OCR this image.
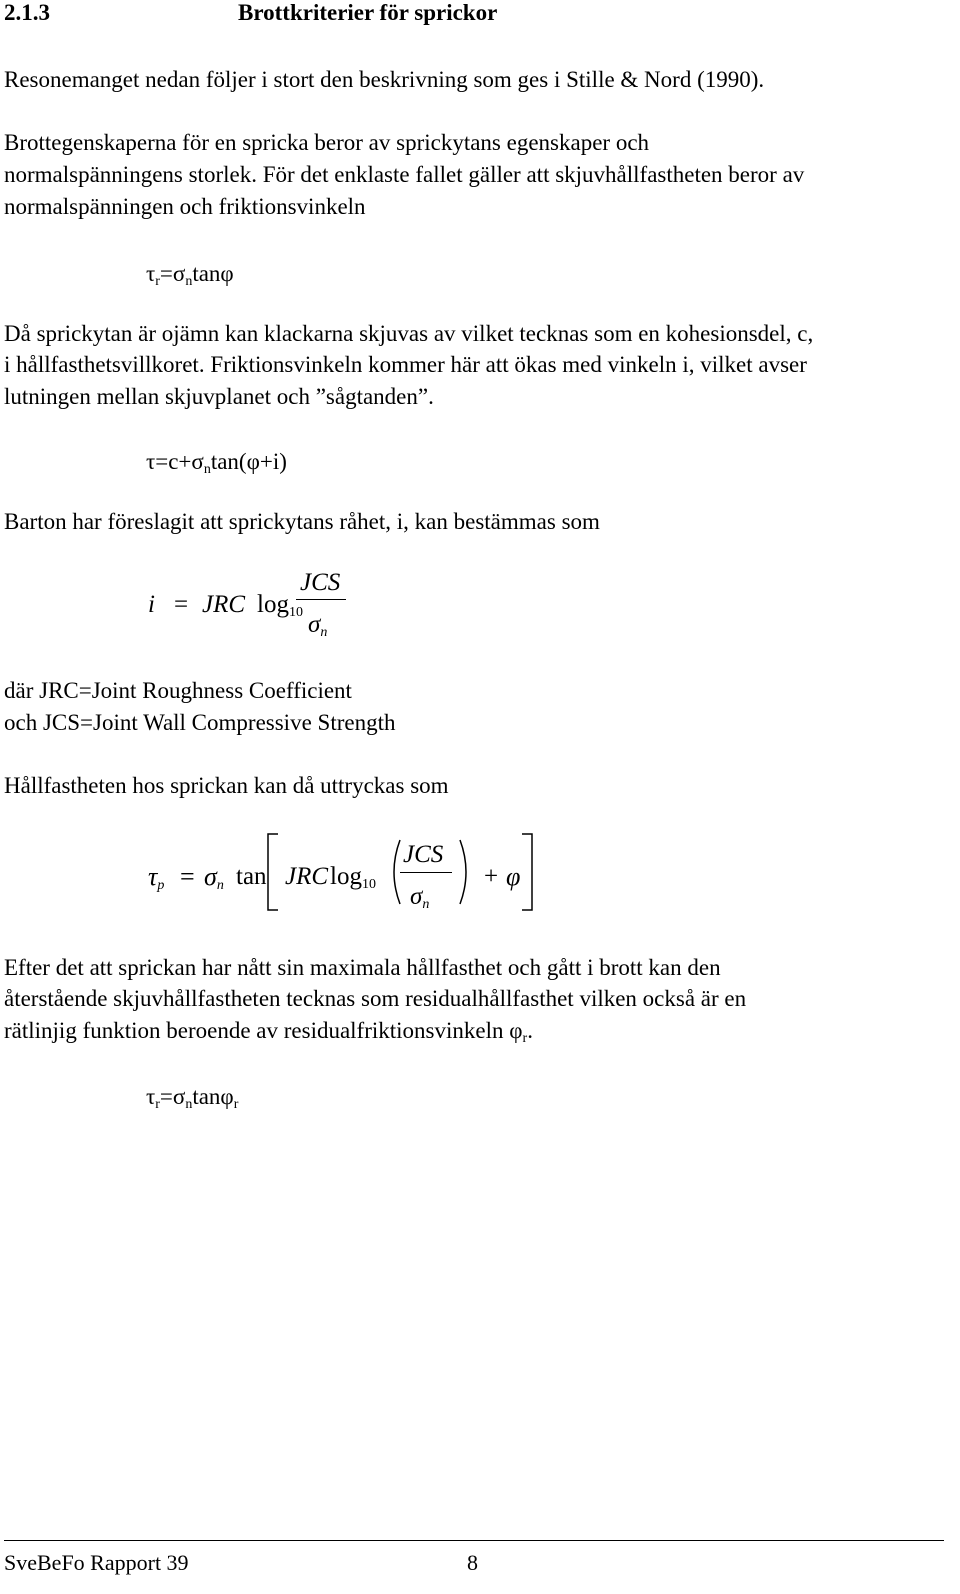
2.1.3	Brottkriterier för sprickor
Resonemanget nedan följer i stort den beskrivning som ges i Stille & Nord (1990).
Brottegenskaperna för en spricka beror av sprickytans egenskaper och
normalspänningens storlek. För det enklaste fallet gäller att skjuvhållfastheten beror av
normalspänningen och friktionsvinkeln
$\tau_r=\sigma_n\tan\varphi$
Då sprickytan är ojämn kan klackarna skjuvas av vilket tecknas som en kohesionsdel, c,
i hållfasthetsvillkoret. Friktionsvinkeln kommer här att ökas med vinkeln i, vilket avser
lutningen mellan skjuvplanet och ”sågtanden”.
$\tau=c+\sigma_n\tan(\varphi+i)$
Barton har föreslagit att sprickytans råhet, i, kan bestämmas som
i = JRC $\log_{10}$
JCS
$\sigma_n$
där JRC=Joint Roughness Coefficient
och JCS=Joint Wall Compressive Strength
Hållfastheten hos sprickan kan då uttryckas som
$\tau_p = \sigma_n$ tan JRC $\log_{10}$
JCS
$\sigma_n$
+ φ
Efter det att sprickan har nått sin maximala hållfasthet och gått i brott kan den
återstående skjuvhållfastheten tecknas som residualhållfasthet vilken också är en
rätlinjig funktion beroende av residualfriktionsvinkeln $\varphi_r$.
$\tau_r=\sigma_n\tan\varphi_r$
SveBeFo Rapport 39	8
